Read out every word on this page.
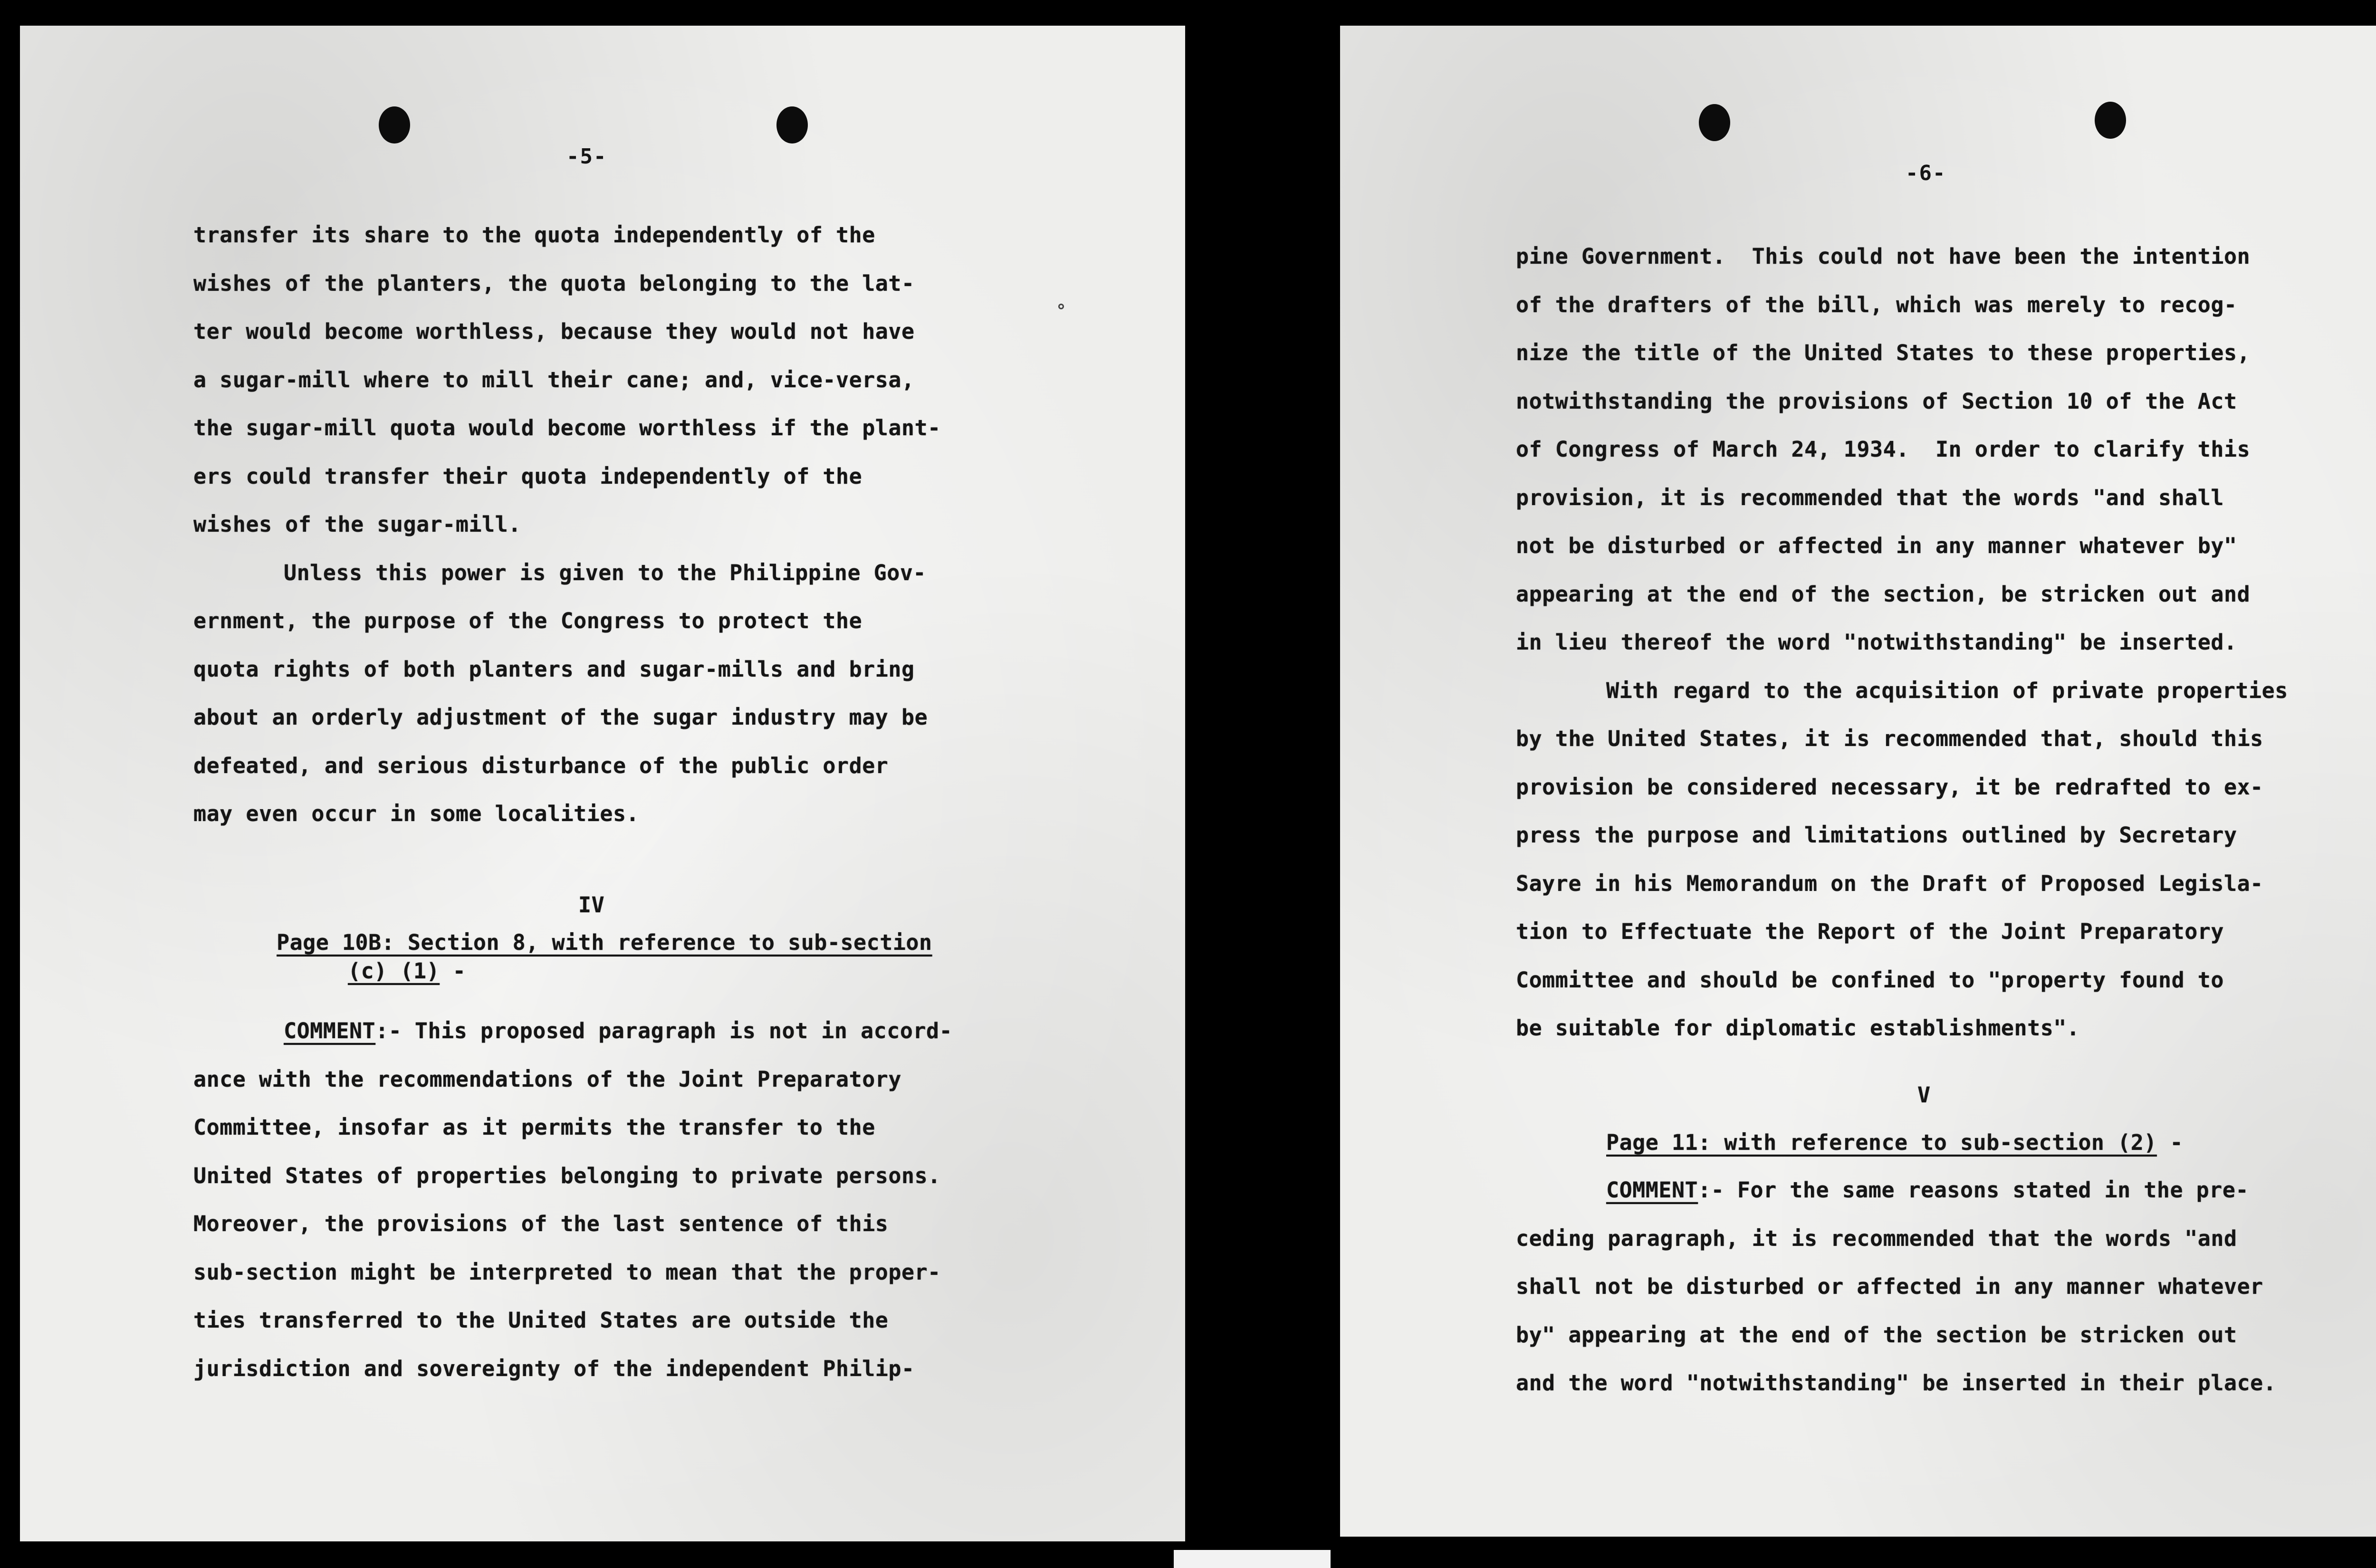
-5-
transfer its share to the quota independently of the
wishes of the planters, the quota belonging to the lat-
ter would become worthless, because they would not have
a sugar-mill where to mill their cane; and, vice-versa,
the sugar-mill quota would become worthless if the plant-
ers could transfer their quota independently of the
wishes of the sugar-mill.
Unless this power is given to the Philippine Gov-
ernment, the purpose of the Congress to protect the
quota rights of both planters and sugar-mills and bring
about an orderly adjustment of the sugar industry may be
defeated, and serious disturbance of the public order
may even occur in some localities.
IV
Page 10B: Section 8, with reference to sub-section
(c) (1) -
COMMENT:- This proposed paragraph is not in accord-
ance with the recommendations of the Joint Preparatory
Committee, insofar as it permits the transfer to the
United States of properties belonging to private persons.
Moreover, the provisions of the last sentence of this
sub-section might be interpreted to mean that the proper-
ties transferred to the United States are outside the
jurisdiction and sovereignty of the independent Philip-
-6-
pine Government.  This could not have been the intention
of the drafters of the bill, which was merely to recog-
nize the title of the United States to these properties,
notwithstanding the provisions of Section 10 of the Act
of Congress of March 24, 1934.  In order to clarify this
provision, it is recommended that the words "and shall
not be disturbed or affected in any manner whatever by"
appearing at the end of the section, be stricken out and
in lieu thereof the word "notwithstanding" be inserted.
With regard to the acquisition of private properties
by the United States, it is recommended that, should this
provision be considered necessary, it be redrafted to ex-
press the purpose and limitations outlined by Secretary
Sayre in his Memorandum on the Draft of Proposed Legisla-
tion to Effectuate the Report of the Joint Preparatory
Committee and should be confined to "property found to
be suitable for diplomatic establishments".
V
Page 11: with reference to sub-section (2) -
COMMENT:- For the same reasons stated in the pre-
ceding paragraph, it is recommended that the words "and
shall not be disturbed or affected in any manner whatever
by" appearing at the end of the section be stricken out
and the word "notwithstanding" be inserted in their place.
